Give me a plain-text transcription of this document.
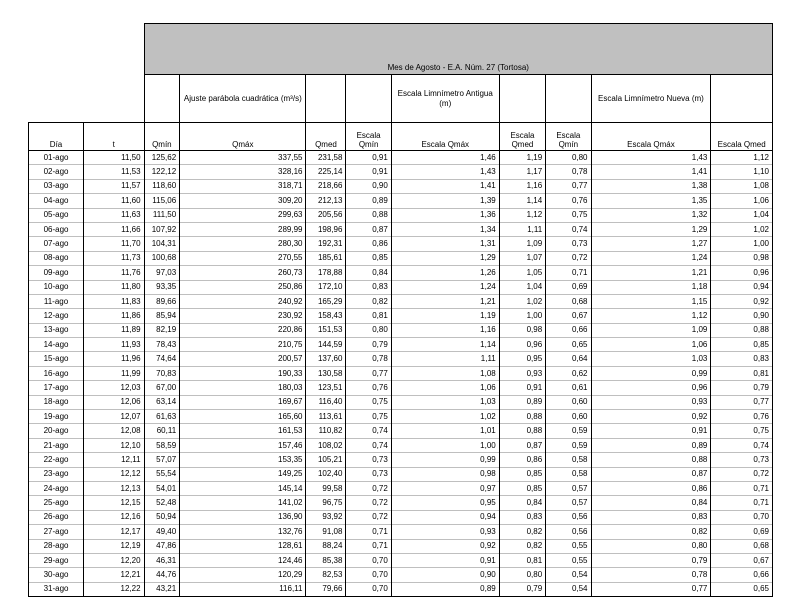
		Mes de Agosto - E.A. Núm. 27 (Tortosa)								
			Ajuste parábola cuadrática (m³/s)			Escala Limnímetro Antigua (m)			Escala Limnímetro Nueva (m)	
Día	t	Qmín	Qmáx	Qmed	Escala Qmín	Escala Qmáx	Escala Qmed	Escala Qmín	Escala Qmáx	Escala Qmed
01-ago	11,50	125,62	337,55	231,58	0,91	1,46	1,19	0,80	1,43	1,12
02-ago	11,53	122,12	328,16	225,14	0,91	1,43	1,17	0,78	1,41	1,10
03-ago	11,57	118,60	318,71	218,66	0,90	1,41	1,16	0,77	1,38	1,08
04-ago	11,60	115,06	309,20	212,13	0,89	1,39	1,14	0,76	1,35	1,06
05-ago	11,63	111,50	299,63	205,56	0,88	1,36	1,12	0,75	1,32	1,04
06-ago	11,66	107,92	289,99	198,96	0,87	1,34	1,11	0,74	1,29	1,02
07-ago	11,70	104,31	280,30	192,31	0,86	1,31	1,09	0,73	1,27	1,00
08-ago	11,73	100,68	270,55	185,61	0,85	1,29	1,07	0,72	1,24	0,98
09-ago	11,76	97,03	260,73	178,88	0,84	1,26	1,05	0,71	1,21	0,96
10-ago	11,80	93,35	250,86	172,10	0,83	1,24	1,04	0,69	1,18	0,94
11-ago	11,83	89,66	240,92	165,29	0,82	1,21	1,02	0,68	1,15	0,92
12-ago	11,86	85,94	230,92	158,43	0,81	1,19	1,00	0,67	1,12	0,90
13-ago	11,89	82,19	220,86	151,53	0,80	1,16	0,98	0,66	1,09	0,88
14-ago	11,93	78,43	210,75	144,59	0,79	1,14	0,96	0,65	1,06	0,85
15-ago	11,96	74,64	200,57	137,60	0,78	1,11	0,95	0,64	1,03	0,83
16-ago	11,99	70,83	190,33	130,58	0,77	1,08	0,93	0,62	0,99	0,81
17-ago	12,03	67,00	180,03	123,51	0,76	1,06	0,91	0,61	0,96	0,79
18-ago	12,06	63,14	169,67	116,40	0,75	1,03	0,89	0,60	0,93	0,77
19-ago	12,07	61,63	165,60	113,61	0,75	1,02	0,88	0,60	0,92	0,76
20-ago	12,08	60,11	161,53	110,82	0,74	1,01	0,88	0,59	0,91	0,75
21-ago	12,10	58,59	157,46	108,02	0,74	1,00	0,87	0,59	0,89	0,74
22-ago	12,11	57,07	153,35	105,21	0,73	0,99	0,86	0,58	0,88	0,73
23-ago	12,12	55,54	149,25	102,40	0,73	0,98	0,85	0,58	0,87	0,72
24-ago	12,13	54,01	145,14	99,58	0,72	0,97	0,85	0,57	0,86	0,71
25-ago	12,15	52,48	141,02	96,75	0,72	0,95	0,84	0,57	0,84	0,71
26-ago	12,16	50,94	136,90	93,92	0,72	0,94	0,83	0,56	0,83	0,70
27-ago	12,17	49,40	132,76	91,08	0,71	0,93	0,82	0,56	0,82	0,69
28-ago	12,19	47,86	128,61	88,24	0,71	0,92	0,82	0,55	0,80	0,68
29-ago	12,20	46,31	124,46	85,38	0,70	0,91	0,81	0,55	0,79	0,67
30-ago	12,21	44,76	120,29	82,53	0,70	0,90	0,80	0,54	0,78	0,66
31-ago	12,22	43,21	116,11	79,66	0,70	0,89	0,79	0,54	0,77	0,65
